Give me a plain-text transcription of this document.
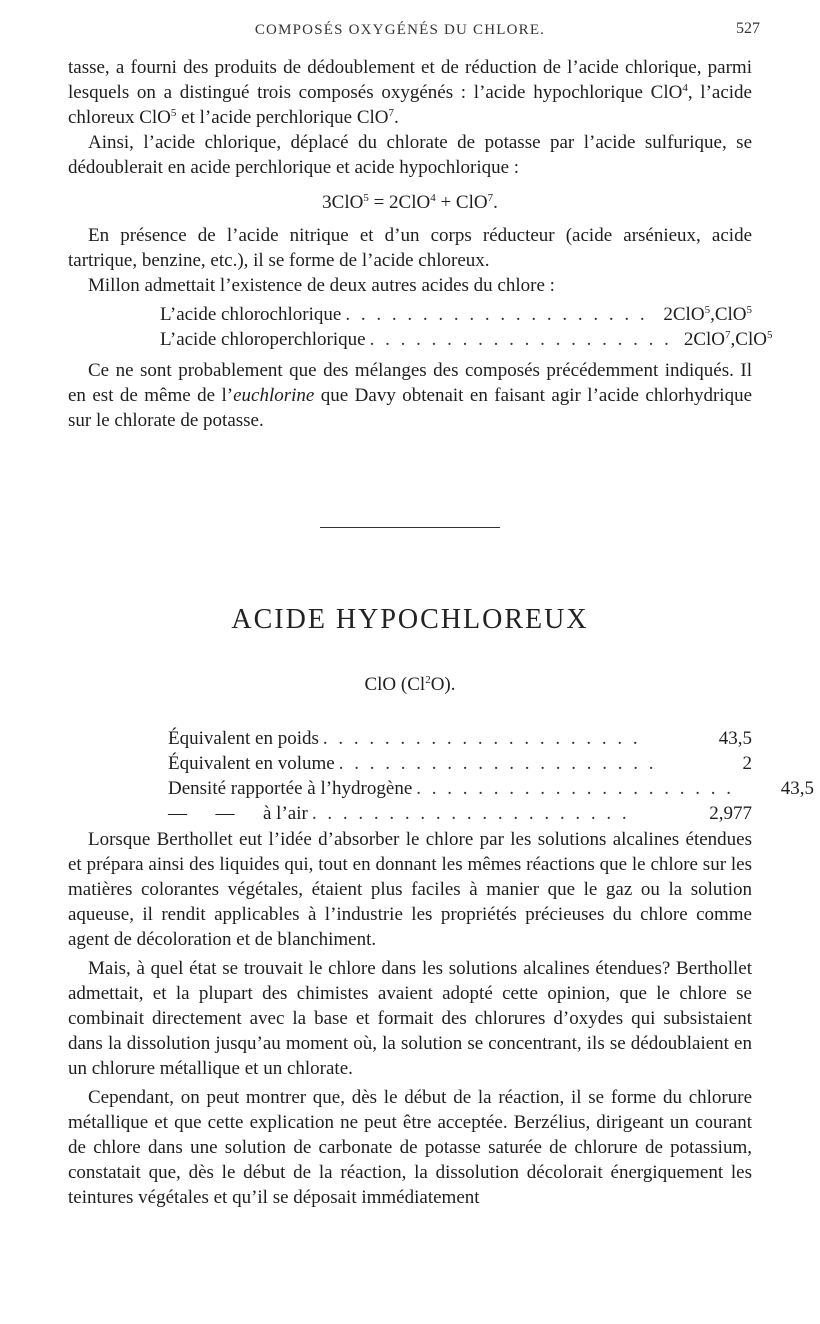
COMPOSÉS OXYGÉNÉS DU CHLORE.	527

tasse, a fourni des produits de dédoublement et de réduction de l’acide chlorique, parmi lesquels on a distingué trois composés oxygénés : l’acide hypochlorique ClO$^4$, l’acide chloreux ClO$^5$ et l’acide perchlorique ClO$^7$.

Ainsi, l’acide chlorique, déplacé du chlorate de potasse par l’acide sulfurique, se dédoublerait en acide perchlorique et acide hypochlorique :

3ClO$^5$ = 2ClO$^4$ + ClO$^7$.

En présence de l’acide nitrique et d’un corps réducteur (acide arsénieux, acide tartrique, benzine, etc.), il se forme de l’acide chloreux.

Millon admettait l’existence de deux autres acides du chlore :

L’acide chlorochlorique . . . . . . . . . . . . . . . . . . . . 2ClO$^5$,ClO$^5$
L’acide chloroperchlorique . . . . . . . . . . . . . . . . . . . . 2ClO$^7$,ClO$^5$

Ce ne sont probablement que des mélanges des composés précédemment indiqués. Il en est de même de l’euchlorine que Davy obtenait en faisant agir l’acide chlorhydrique sur le chlorate de potasse.

ACIDE HYPOCHLOREUX
ClO (Cl$^2$O).
Équivalent en poids . . . . . . . . . . . . . . . . . . . . .	43,5
Équivalent en volume . . . . . . . . . . . . . . . . . . . . .	2
Densité rapportée à l’hydrogène . . . . . . . . . . . . . . . . . . . . .	43,5
—      —      à l’air . . . . . . . . . . . . . . . . . . . . .	2,977

Lorsque Berthollet eut l’idée d’absorber le chlore par les solutions alcalines étendues et prépara ainsi des liquides qui, tout en donnant les mêmes réactions que le chlore sur les matières colorantes végétales, étaient plus faciles à manier que le gaz ou la solution aqueuse, il rendit applicables à l’industrie les propriétés précieuses du chlore comme agent de décoloration et de blanchiment.

Mais, à quel état se trouvait le chlore dans les solutions alcalines étendues? Berthollet admettait, et la plupart des chimistes avaient adopté cette opinion, que le chlore se combinait directement avec la base et formait des chlorures d’oxydes qui subsistaient dans la dissolution jusqu’au moment où, la solution se concentrant, ils se dédoublaient en un chlorure métallique et un chlorate.

Cependant, on peut montrer que, dès le début de la réaction, il se forme du chlorure métallique et que cette explication ne peut être acceptée. Berzélius, dirigeant un courant de chlore dans une solution de carbonate de potasse saturée de chlorure de potassium, constatait que, dès le début de la réaction, la dissolution décolorait énergiquement les teintures végétales et qu’il se déposait immédiatement
